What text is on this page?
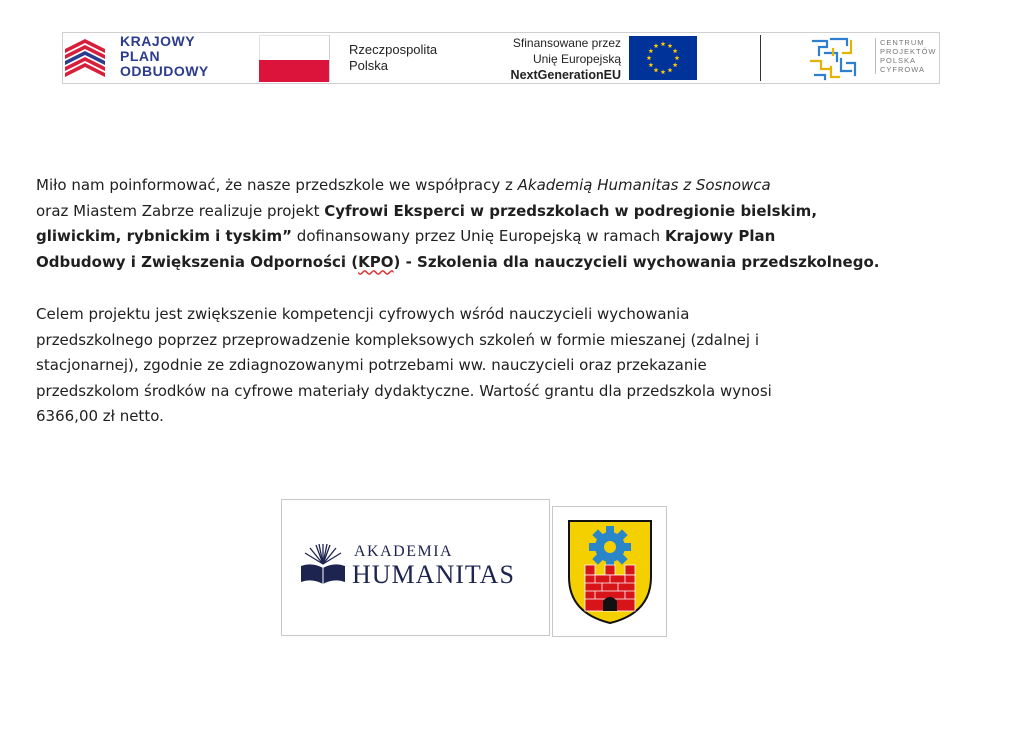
KRAJOWY
PLAN
ODBUDOWY
Rzeczpospolita
Polska
Sfinansowane przez
Unię Europejską
NextGenerationEU
CENTRUM
PROJEKTÓW
POLSKA
CYFROWA

Miło nam poinformować, że nasze przedszkole we współpracy z Akademią Humanitas z Sosnowca
oraz Miastem Zabrze realizuje projekt Cyfrowi Eksperci w przedszkolach w podregionie bielskim,
gliwickim, rybnickim i tyskim” dofinansowany przez Unię Europejską w ramach Krajowy Plan
Odbudowy i Zwiększenia Odporności (KPO) - Szkolenia dla nauczycieli wychowania przedszkolnego.

Celem projektu jest zwiększenie kompetencji cyfrowych wśród nauczycieli wychowania
przedszkolnego poprzez przeprowadzenie kompleksowych szkoleń w formie mieszanej (zdalnej i
stacjonarnej), zgodnie ze zdiagnozowanymi potrzebami ww. nauczycieli oraz przekazanie
przedszkolom środków na cyfrowe materiały dydaktyczne. Wartość grantu dla przedszkola wynosi
6366,00 zł netto.

AKADEMIA
HUMANITAS
